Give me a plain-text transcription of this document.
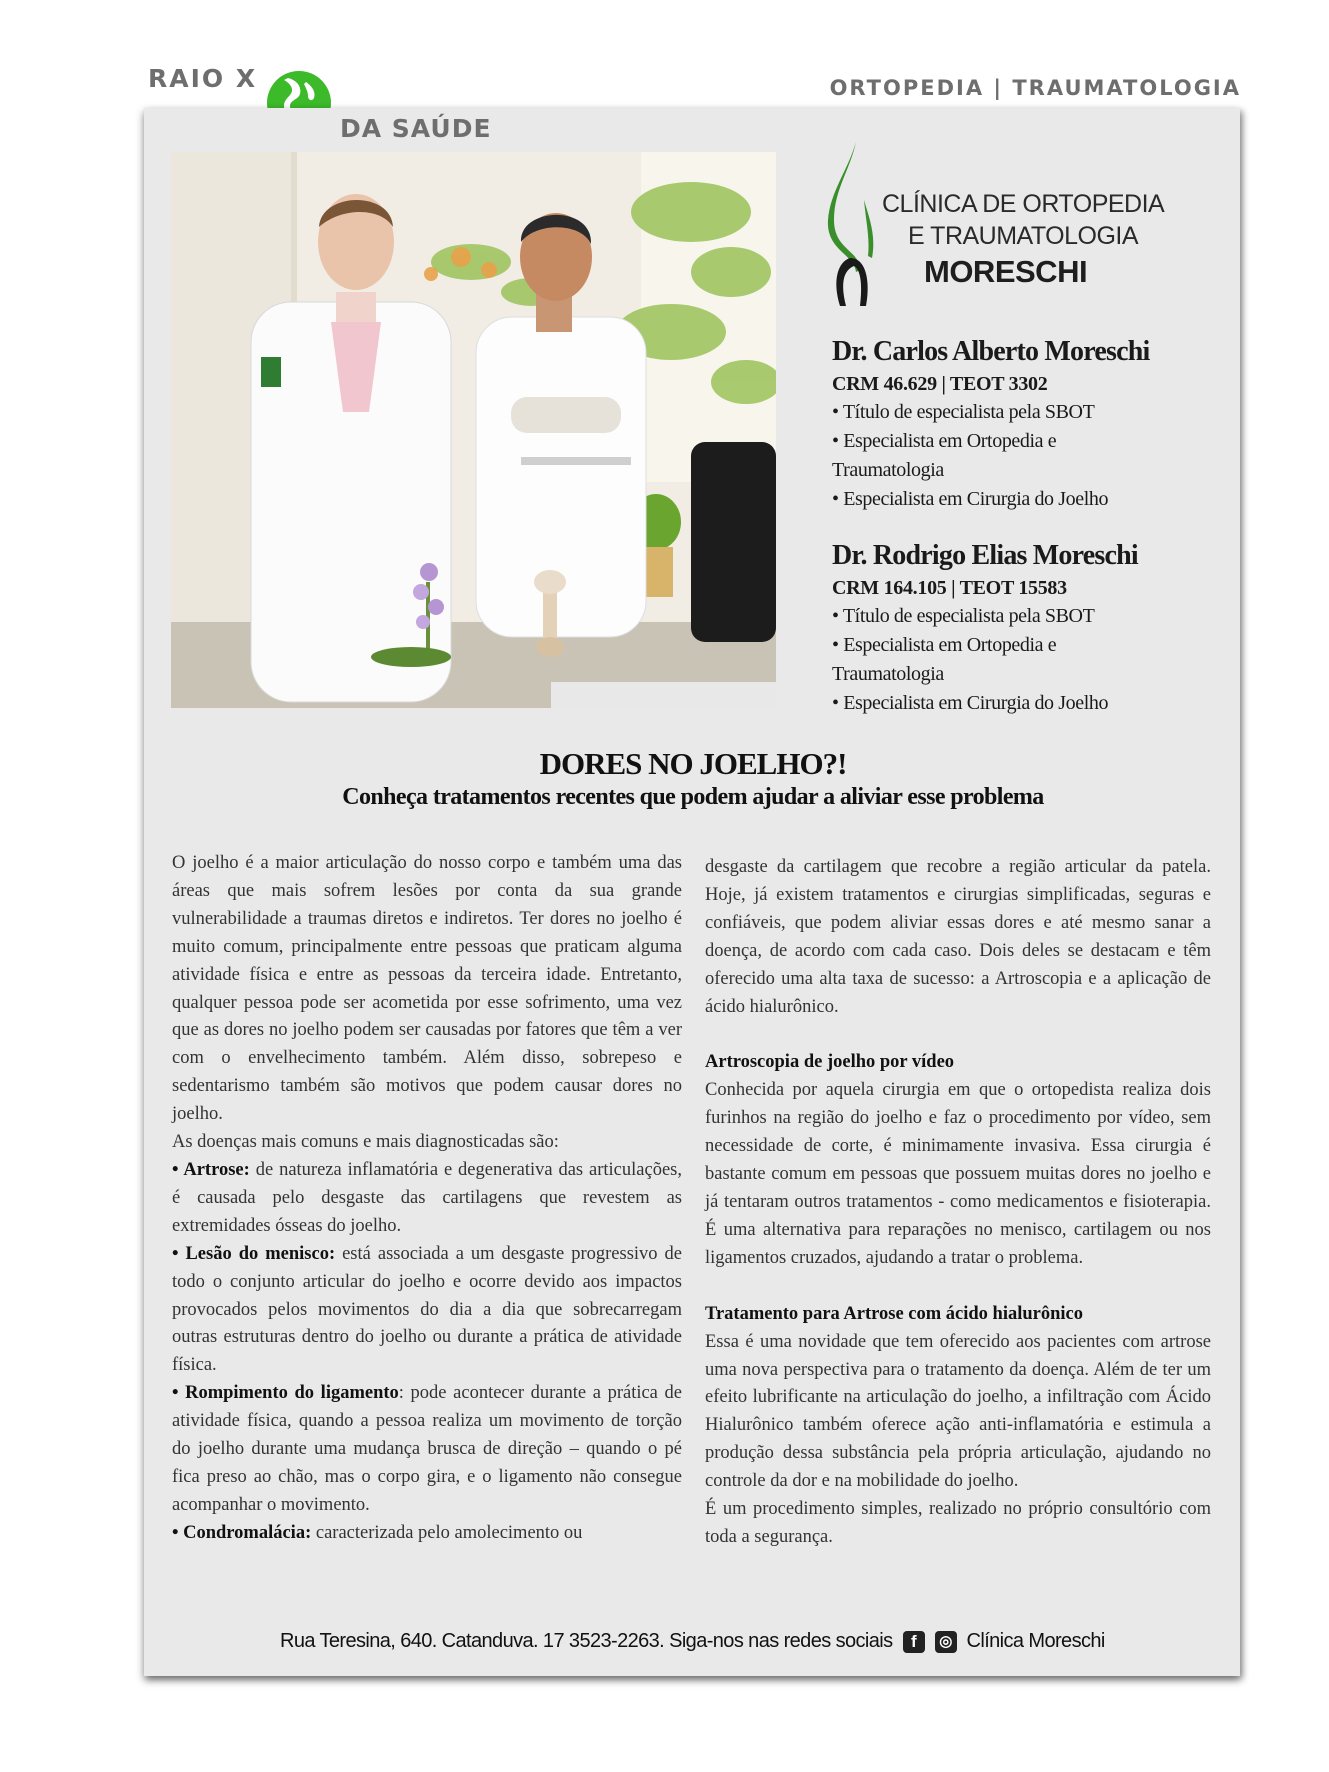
RAIO X
DA SAÚDE
ORTOPEDIA | TRAUMATOLOGIA
CLÍNICA DE ORTOPEDIA
E TRAUMATOLOGIA
MORESCHI
Dr. Carlos Alberto Moreschi
CRM 46.629 | TEOT 3302
• Título de especialista pela SBOT
• Especialista em Ortopedia e
Traumatologia
• Especialista em Cirurgia do Joelho
Dr. Rodrigo Elias Moreschi
CRM 164.105 | TEOT 15583
• Título de especialista pela SBOT
• Especialista em Ortopedia e
Traumatologia
• Especialista em Cirurgia do Joelho
DORES NO JOELHO?!
Conheça tratamentos recentes que podem ajudar a aliviar esse problema

O joelho é a maior articulação do nosso corpo e também uma das áreas que mais sofrem lesões por conta da sua grande vulnerabilidade a traumas diretos e indiretos. Ter dores no joelho é muito comum, principalmente entre pessoas que praticam alguma atividade física e entre as pessoas da terceira idade. Entretanto, qualquer pessoa pode ser acometida por esse sofrimento, uma vez que as dores no joelho podem ser causadas por fatores que têm a ver com o envelhecimento também. Além disso, sobrepeso e sedentarismo também são motivos que podem causar dores no joelho.

As doenças mais comuns e mais diagnosticadas são:

• Artrose: de natureza inflamatória e degenerativa das articulações, é causada pelo desgaste das cartilagens que revestem as extremidades ósseas do joelho.

• Lesão do menisco: está associada a um desgaste progressivo de todo o conjunto articular do joelho e ocorre devido aos impactos provocados pelos movimentos do dia a dia que sobrecarregam outras estruturas dentro do joelho ou durante a prática de atividade física.

• Rompimento do ligamento: pode acontecer durante a prática de atividade física, quando a pessoa realiza um movimento de torção do joelho durante uma mudança brusca de direção – quando o pé fica preso ao chão, mas o corpo gira, e o ligamento não consegue acompanhar o movimento.

• Condromalácia: caracterizada pelo amolecimento ou

desgaste da cartilagem que recobre a região articular da patela. Hoje, já existem tratamentos e cirurgias simplificadas, seguras e confiáveis, que podem aliviar essas dores e até mesmo sanar a doença, de acordo com cada caso. Dois deles se destacam e têm oferecido uma alta taxa de sucesso: a Artroscopia e a aplicação de ácido hialurônico.

Artroscopia de joelho por vídeo

Conhecida por aquela cirurgia em que o ortopedista realiza dois furinhos na região do joelho e faz o procedimento por vídeo, sem necessidade de corte, é minimamente invasiva. Essa cirurgia é bastante comum em pessoas que possuem muitas dores no joelho e já tentaram outros tratamentos - como medicamentos e fisioterapia. É uma alternativa para reparações no menisco, cartilagem ou nos ligamentos cruzados, ajudando a tratar o problema.

Tratamento para Artrose com ácido hialurônico

Essa é uma novidade que tem oferecido aos pacientes com artrose uma nova perspectiva para o tratamento da doença. Além de ter um efeito lubrificante na articulação do joelho, a infiltração com Ácido Hialurônico também oferece ação anti-inflamatória e estimula a produção dessa substância pela própria articulação, ajudando no controle da dor e na mobilidade do joelho.

É um procedimento simples, realizado no próprio consultório com toda a segurança.

Rua Teresina, 640. Catanduva. 17 3523-2263. Siga-nos nas redes sociais	f	◎ Clínica Moreschi
